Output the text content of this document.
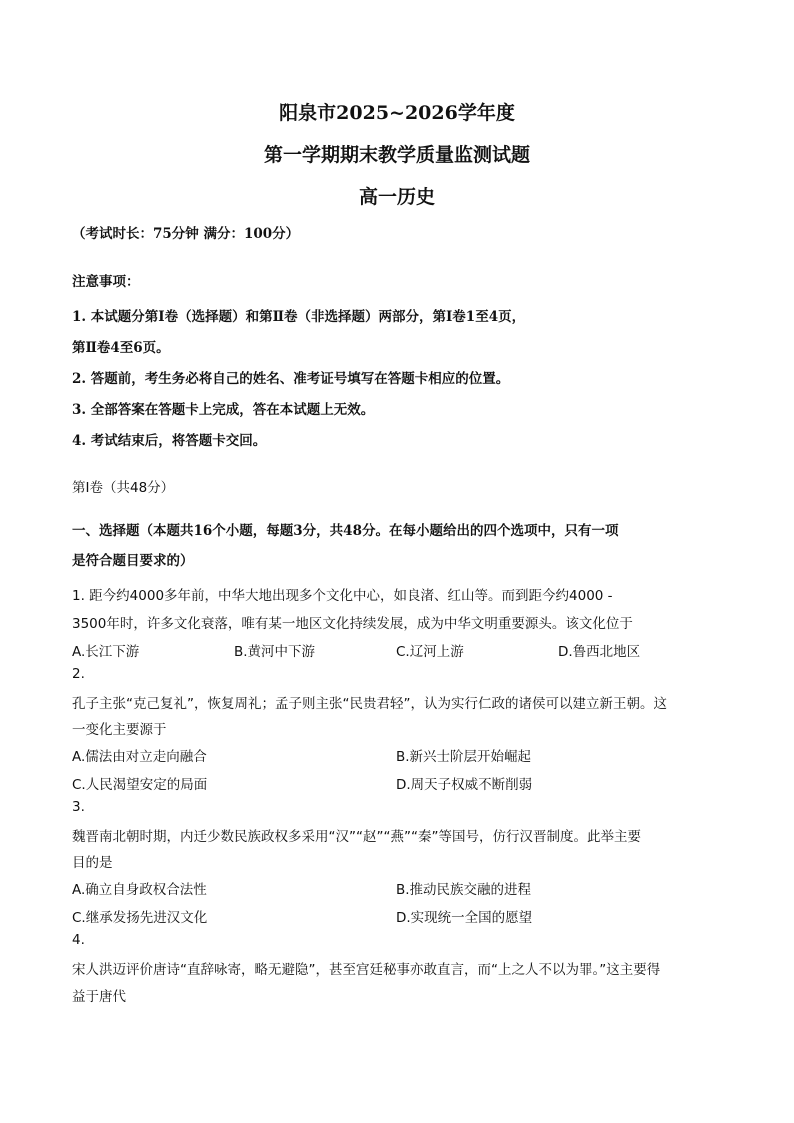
阳泉市2025~2026学年度
第一学期期末教学质量监测试题
高一历史
（考试时长：75分钟 满分：100分）
注意事项：
1. 本试题分第Ⅰ卷（选择题）和第Ⅱ卷（非选择题）两部分，第Ⅰ卷1至4页，
第Ⅱ卷4至6页。
2. 答题前，考生务必将自己的姓名、准考证号填写在答题卡相应的位置。
3. 全部答案在答题卡上完成，答在本试题上无效。
4. 考试结束后，将答题卡交回。
第Ⅰ卷（共48分）
一、选择题（本题共16个小题，每题3分，共48分。在每小题给出的四个选项中，只有一项
是符合题目要求的）
1. 距今约4000多年前，中华大地出现多个文化中心，如良渚、红山等。而到距今约4000 -
3500年时，许多文化衰落，唯有某一地区文化持续发展，成为中华文明重要源头。该文化位于
A.长江下游	B.黄河中下游	C.辽河上游	D.鲁西北地区
2.
孔子主张“克己复礼”，恢复周礼；孟子则主张“民贵君轻”，认为实行仁政的诸侯可以建立新王朝。这
一变化主要源于
A.儒法由对立走向融合	B.新兴士阶层开始崛起
C.人民渴望安定的局面	D.周天子权威不断削弱
3.
魏晋南北朝时期，内迁少数民族政权多采用“汉”“赵”“燕”“秦”等国号，仿行汉晋制度。此举主要
目的是
A.确立自身政权合法性	B.推动民族交融的进程
C.继承发扬先进汉文化	D.实现统一全国的愿望
4.
宋人洪迈评价唐诗“直辞咏寄，略无避隐”，甚至宫廷秘事亦敢直言，而“上之人不以为罪。”这主要得
益于唐代
